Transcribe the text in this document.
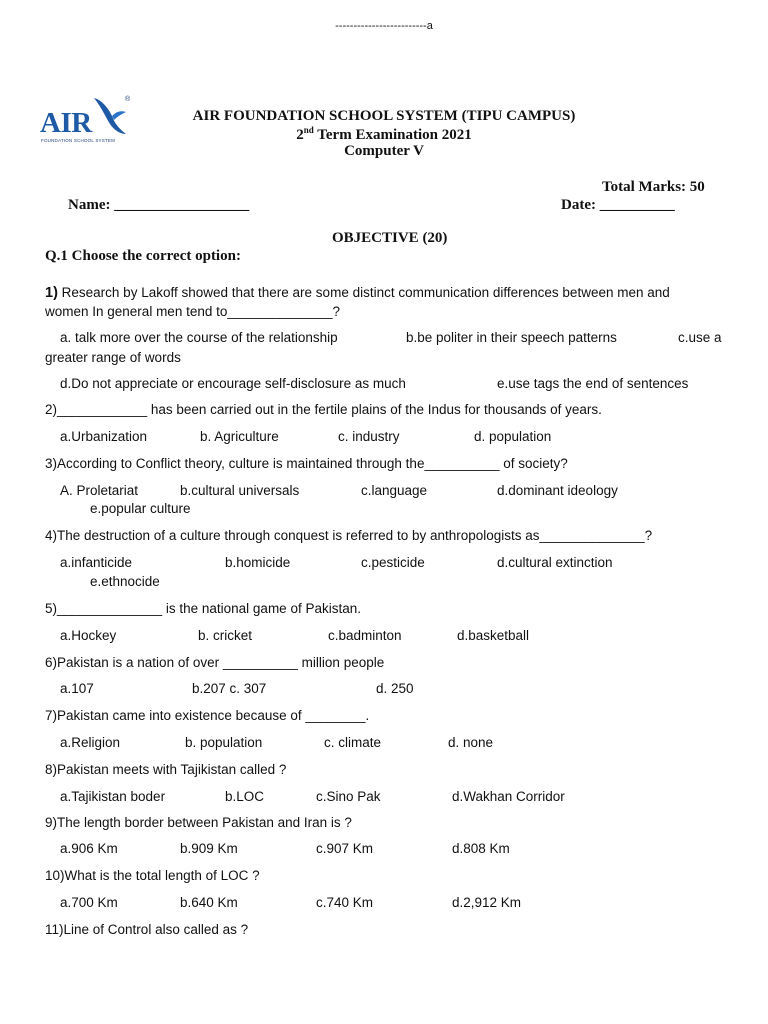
-------------------------a
AIR
®
FOUNDATION SCHOOL SYSTEM
AIR FOUNDATION SCHOOL SYSTEM (TIPU CAMPUS)
2nd Term Examination 2021
Computer V
Total Marks: 50
Name: __________________	Date: __________
OBJECTIVE (20)
Q.1 Choose the correct option:
1) Research by Lakoff showed that there are some distinct communication differences between men and
women In general men tend to______________?
a. talk more over the course of the relationship	b.be politer in their speech patterns	c.use a
greater range of words
d.Do not appreciate or encourage self-disclosure as much	e.use tags the end of sentences
2)____________ has been carried out in the fertile plains of the Indus for thousands of years.
a.Urbanization	b. Agriculture	c. industry	d. population
3)According to Conflict theory, culture is maintained through the__________ of society?
A. Proletariat	b.cultural universals	c.language	d.dominant ideology
e.popular culture
4)The destruction of a culture through conquest is referred to by anthropologists as______________?
a.infanticide	b.homicide	c.pesticide	d.cultural extinction
e.ethnocide
5)______________ is the national game of Pakistan.
a.Hockey	b. cricket	c.badminton	d.basketball
6)Pakistan is a nation of over __________ million people
a.107	b.207 c. 307	d. 250
7)Pakistan came into existence because of ________.
a.Religion	b. population	c. climate	d. none
8)Pakistan meets with Tajikistan called ?
a.Tajikistan boder	b.LOC	c.Sino Pak	d.Wakhan Corridor
9)The length border between Pakistan and Iran is ?
a.906 Km	b.909 Km	c.907 Km	d.808 Km
10)What is the total length of LOC ?
a.700 Km	b.640 Km	c.740 Km	d.2,912 Km
11)Line of Control also called as ?
